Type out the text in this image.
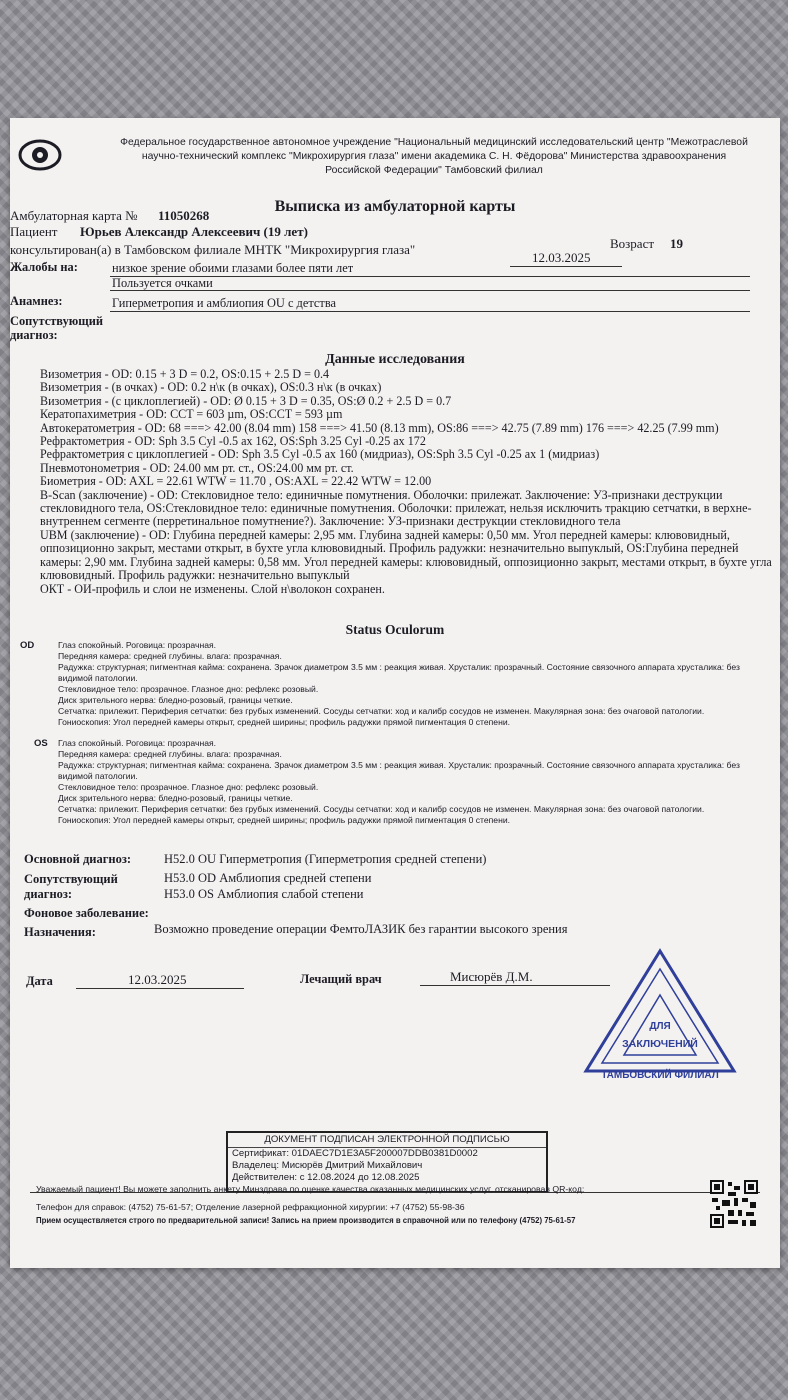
Федеральное государственное автономное учреждение "Национальный медицинский исследовательский центр "Межотраслевой
научно-технический комплекс "Микрохирургия глаза" имени академика С. Н. Фёдорова" Министерства здравоохранения
Российской Федерации" Тамбовский филиал
Выписка из амбулаторной карты
Амбулаторная карта № 11050268
Пациент Юрьев Александр Алексеевич (19 лет)
Возраст 19
консультирован(а) в Тамбовском филиале МНТК "Микрохирургия глаза"
12.03.2025
Жалобы на:	низкое зрение обоими глазами более пяти лет
Пользуется очками
Анамнез:	Гиперметропия и амблиопия OU с детства
Сопутствующий
диагноз:
Данные исследования
Визометрия - OD: 0.15 + 3 D = 0.2, OS:0.15 + 2.5 D = 0.4
Визометрия - (в очках) - OD: 0.2 н\к (в очках), OS:0.3 н\к (в очках)
Визометрия - (с циклоплегией) - OD: Ø 0.15 + 3 D = 0.35, OS:Ø 0.2 + 2.5 D = 0.7
Кератопахиметрия - OD: CCT = 603 µm, OS:CCT = 593 µm
Автокератометрия - OD: 68 ===> 42.00 (8.04 mm) 158 ===> 41.50 (8.13 mm), OS:86 ===> 42.75 (7.89 mm) 176 ===> 42.25 (7.99 mm)
Рефрактометрия - OD: Sph 3.5 Cyl -0.5 ax 162, OS:Sph 3.25 Cyl -0.25 ax 172
Рефрактометрия с циклоплегией - OD: Sph 3.5 Cyl -0.5 ax 160 (мидриаз), OS:Sph 3.5 Cyl -0.25 ax 1 (мидриаз)
Пневмотонометрия - OD: 24.00 мм рт. ст., OS:24.00 мм рт. ст.
Биометрия - OD: AXL = 22.61 WTW = 11.70 , OS:AXL = 22.42 WTW = 12.00
B-Scan (заключение) - OD: Стекловидное тело: единичные помутнения. Оболочки: прилежат. Заключение: УЗ-признаки деструкции стекловидного тела, OS:Стекловидное тело: единичные помутнения. Оболочки: прилежат, нельзя исключить тракцию сетчатки, в верхне-внутреннем сегменте (пеpретинальное помутнение?). Заключение: УЗ-признаки деструкции стекловидного тела
UBM (заключение) - OD: Глубина передней камеры: 2,95 мм. Глубина задней камеры: 0,50 мм. Угол передней камеры: клювовидный, оппозиционно закрыт, местами открыт, в бухте угла клювовидный. Профиль радужки: незначительно выпуклый, OS:Глубина передней камеры: 2,90 мм. Глубина задней камеры: 0,58 мм. Угол передней камеры: клювовидный, оппозиционно закрыт, местами открыт, в бухте угла клювовидный. Профиль радужки: незначительно выпуклый
ОКТ - ОИ-профиль и слои не изменены. Слой н\волокон сохранен.
Status Oculorum
OD	Глаз спокойный. Роговица: прозрачная.
Передняя камера: средней глубины. влага: прозрачная.
Радужка: структурная; пигментная кайма: сохранена. Зрачок диаметром 3.5 мм : реакция живая. Хрусталик: прозрачный. Состояние связочного аппарата хрусталика: без видимой патологии.
Стекловидное тело: прозрачное. Глазное дно: рефлекс розовый.
Диск зрительного нерва: бледно-розовый, границы четкие.
Сетчатка: прилежит. Периферия сетчатки: без грубых изменений. Сосуды сетчатки: ход и калибр сосудов не изменен. Макулярная зона: без очаговой патологии.
Гониоскопия: Угол передней камеры открыт, средней ширины; профиль радужки прямой пигментация 0 степени.
OS Глаз спокойный. Роговица: прозрачная.
Передняя камера: средней глубины. влага: прозрачная.
Радужка: структурная; пигментная кайма: сохранена. Зрачок диаметром 3.5 мм : реакция живая. Хрусталик: прозрачный. Состояние связочного аппарата хрусталика: без видимой патологии.
Стекловидное тело: прозрачное. Глазное дно: рефлекс розовый.
Диск зрительного нерва: бледно-розовый, границы четкие.
Сетчатка: прилежит. Периферия сетчатки: без грубых изменений. Сосуды сетчатки: ход и калибр сосудов не изменен. Макулярная зона: без очаговой патологии.
Гониоскопия: Угол передней камеры открыт, средней ширины; профиль радужки прямой пигментация 0 степени.
Основной диагноз:	H52.0 OU Гиперметропия (Гиперметропия средней степени)
Сопутствующий
диагноз:
H53.0 OD Амблиопия средней степени
H53.0 OS Амблиопия слабой степени
Фоновое заболевание:
Назначения:	Возможно проведение операции ФемтоЛАЗИК без гарантии высокого зрения
Дата	12.03.2025	Лечащий врач	Мисюрёв Д.М.
ДЛЯ
ЗАКЛЮЧЕНИЙ
ТАМБОВСКИЙ ФИЛИАЛ
ДОКУМЕНТ ПОДПИСАН ЭЛЕКТРОННОЙ ПОДПИСЬЮ
Сертификат: 01DAEC7D1E3A5F200007DDB0381D0002
Владелец: Мисюрёв Дмитрий Михайлович
Действителен: с 12.08.2024 до 12.08.2025
Уважаемый пациент! Вы можете заполнить анкету Минздрава по оценке качества оказанных медицинских услуг, отсканировав QR-код:
Телефон для справок: (4752) 75-61-57; Отделение лазерной рефракционной хирургии: +7 (4752) 55-98-36
Прием осуществляется строго по предварительной записи! Запись на прием производится в справочной или по телефону (4752) 75-61-57
